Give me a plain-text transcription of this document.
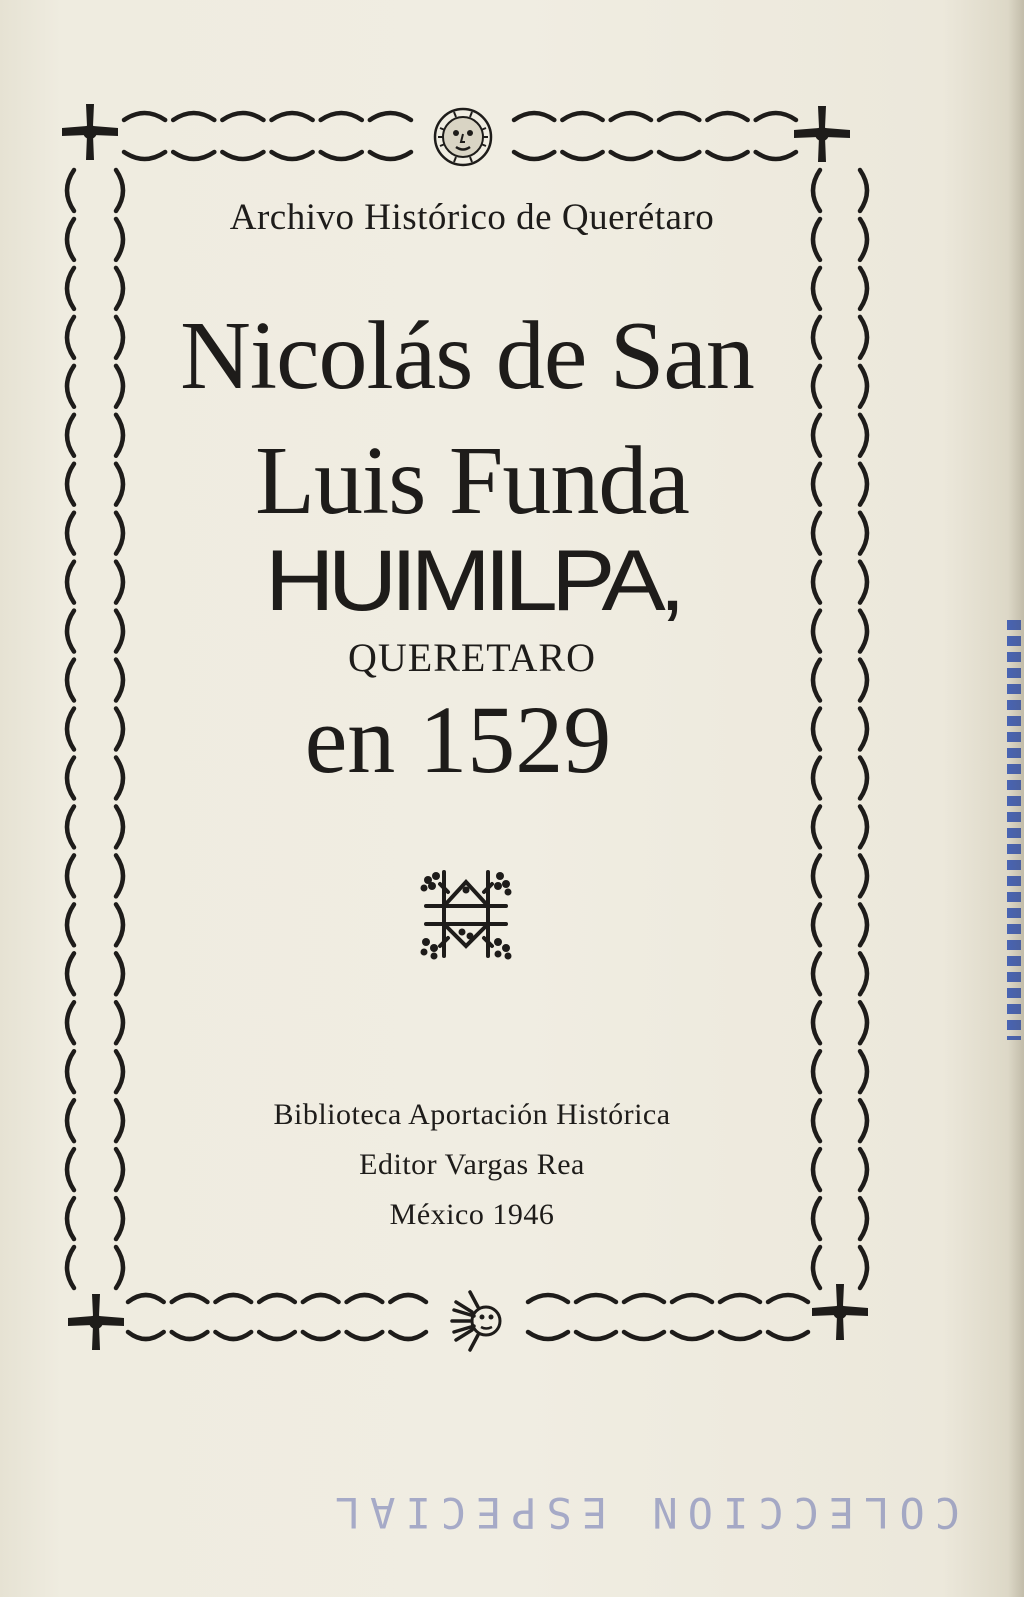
Archivo Histórico de Querétaro
Nicolás de San
Luis Funda
HUIMILPA,
QUERETARO
en 1529
Biblioteca Aportación Histórica
Editor Vargas Rea
México 1946
COLECCION ESPECIAL
